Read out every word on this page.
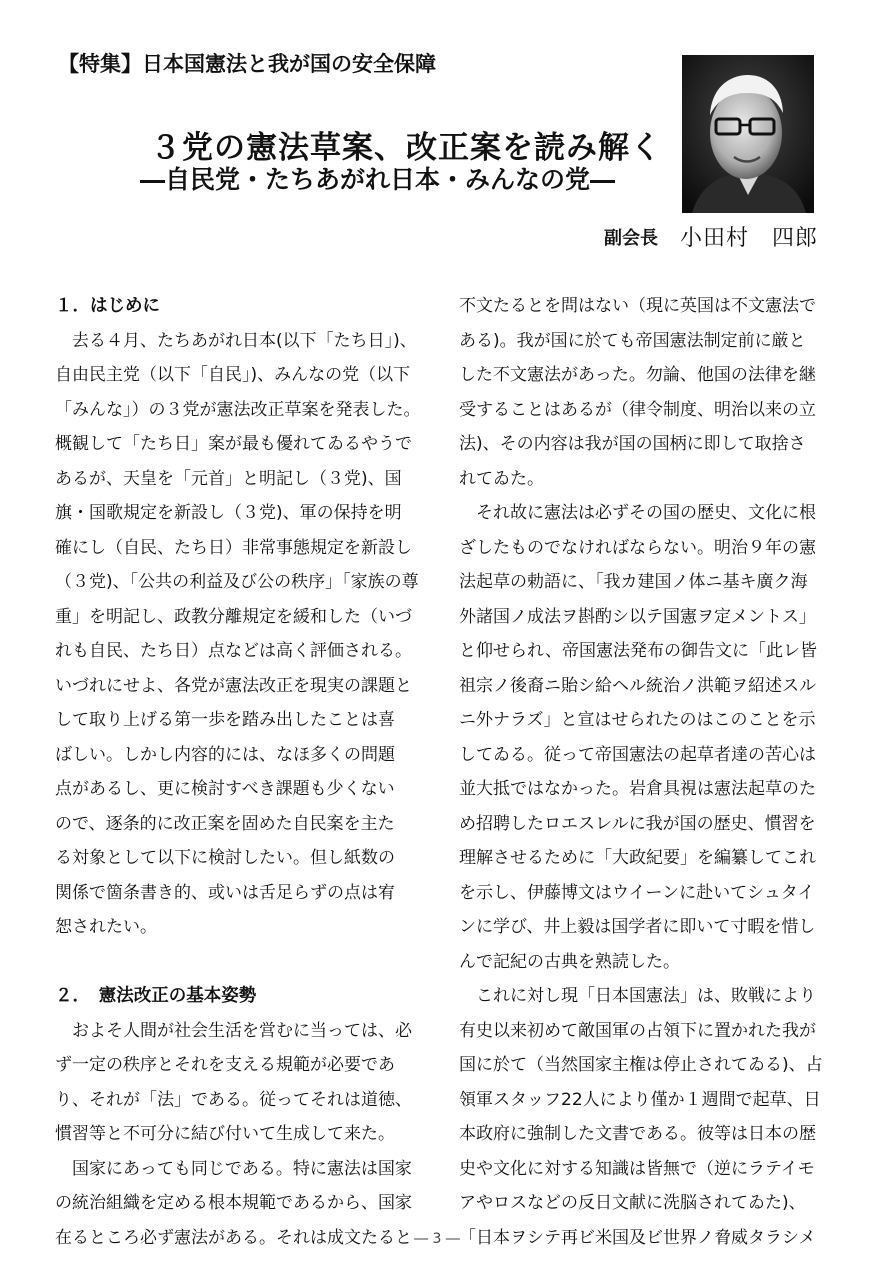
【特集】日本国憲法と我が国の安全保障
３党の憲法草案、改正案を読み解く
―自民党・たちあがれ日本・みんなの党―
副会長 小田村　四郎
１．はじめに
　去る４月、たちあがれ日本(以下「たち日」)、
自由民主党（以下「自民」)、みんなの党（以下
「みんな」）の３党が憲法改正草案を発表した。
概観して「たち日」案が最も優れてゐるやうで
あるが、天皇を「元首」と明記し（３党)、国
旗・国歌規定を新設し（３党)、軍の保持を明
確にし（自民、たち日）非常事態規定を新設し
（３党)、「公共の利益及び公の秩序」「家族の尊
重」を明記し、政教分離規定を緩和した（いづ
れも自民、たち日）点などは高く評価される。
いづれにせよ、各党が憲法改正を現実の課題と
して取り上げる第一歩を踏み出したことは喜
ばしい。しかし内容的には、なほ多くの問題
点があるし、更に検討すべき課題も少くない
ので、逐条的に改正案を固めた自民案を主た
る対象として以下に検討したい。但し紙数の
関係で箇条書き的、或いは舌足らずの点は宥
恕されたい。
２．　憲法改正の基本姿勢
　およそ人間が社会生活を営むに当っては、必
ず一定の秩序とそれを支える規範が必要であ
り、それが「法」である。従ってそれは道徳、
慣習等と不可分に結び付いて生成して来た。
　国家にあっても同じである。特に憲法は国家
の統治組織を定める根本規範であるから、国家
在るところ必ず憲法がある。それは成文たると
不文たるとを問はない（現に英国は不文憲法で
ある)。我が国に於ても帝国憲法制定前に厳と
した不文憲法があった。勿論、他国の法律を継
受することはあるが（律令制度、明治以来の立
法)、その内容は我が国の国柄に即して取捨さ
れてゐた。
　それ故に憲法は必ずその国の歴史、文化に根
ざしたものでなければならない。明治９年の憲
法起草の勅語に、「我カ建国ノ体ニ基キ廣ク海
外諸国ノ成法ヲ斟酌シ以テ国憲ヲ定メントス」
と仰せられ、帝国憲法発布の御告文に「此レ皆
祖宗ノ後裔ニ貽シ給ヘル統治ノ洪範ヲ紹述スル
ニ外ナラズ」と宣はせられたのはこのことを示
してゐる。従って帝国憲法の起草者達の苦心は
並大抵ではなかった。岩倉具視は憲法起草のた
め招聘したロエスレルに我が国の歴史、慣習を
理解させるために「大政紀要」を編纂してこれ
を示し、伊藤博文はウイーンに赴いてシュタイ
ンに学び、井上毅は国学者に即いて寸暇を惜し
んで記紀の古典を熟読した。
　これに対し現「日本国憲法」は、敗戦により
有史以来初めて敵国軍の占領下に置かれた我が
国に於て（当然国家主権は停止されてゐる)、占
領軍スタッフ22人により僅か１週間で起草、日
本政府に強制した文書である。彼等は日本の歴
史や文化に対する知識は皆無で（逆にラテイモ
アやロスなどの反日文献に洗脳されてゐた)、
「日本ヲシテ再ビ米国及ビ世界ノ脅威タラシメ
― 3 ―
